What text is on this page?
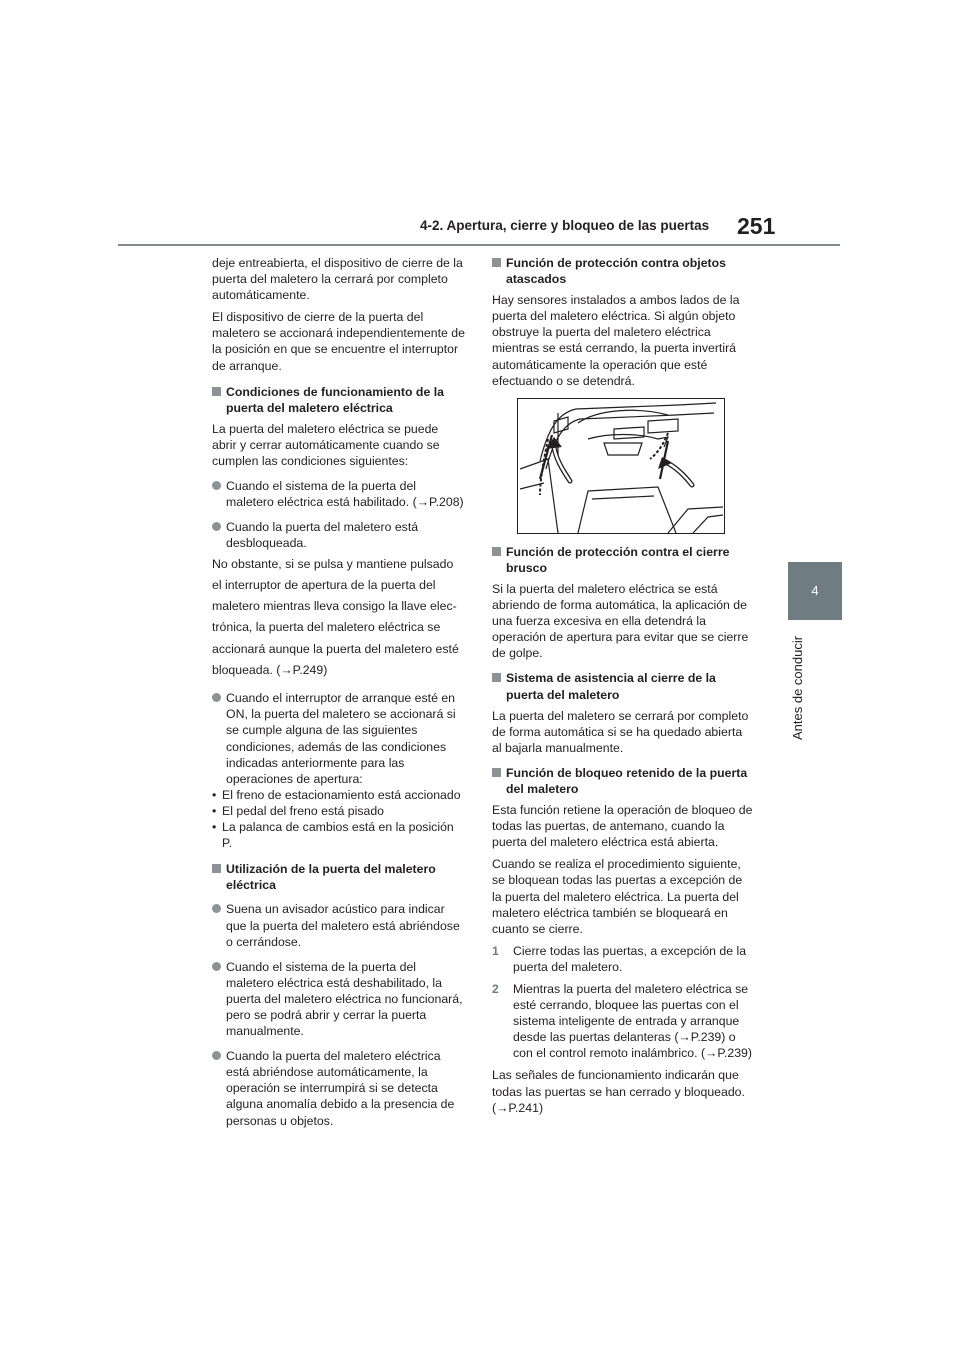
4-2. Apertura, cierre y bloqueo de las puertas 251
4
Antes de conducir

deje entreabierta, el dispositivo de cierre de la puerta del maletero la cerrará por completo automáticamente.

El dispositivo de cierre de la puerta del maletero se accionará independientemente de la posición en que se encuentre el interruptor de arranque.

Condiciones de funcionamiento de la puerta del maletero eléctrica

La puerta del maletero eléctrica se puede abrir y cerrar automáticamente cuando se cumplen las condiciones siguientes:

Cuando el sistema de la puerta del maletero eléctrica está habilitado. (→P.208)
Cuando la puerta del maletero está desbloqueada.

No obstante, si se pulsa y mantiene pulsado

el interruptor de apertura de la puerta del

maletero mientras lleva consigo la llave elec-

trónica, la puerta del maletero eléctrica se

accionará aunque la puerta del maletero esté

bloqueada. (→P.249)

Cuando el interruptor de arranque esté en ON, la puerta del maletero se accionará si se cumple alguna de las siguientes condiciones, además de las condiciones indicadas anteriormente para las operaciones de apertura:
• El freno de estacionamiento está accionado
• El pedal del freno está pisado
• La palanca de cambios está en la posición P.
Utilización de la puerta del maletero eléctrica
Suena un avisador acústico para indicar que la puerta del maletero está abriéndose o cerrándose.
Cuando el sistema de la puerta del maletero eléctrica está deshabilitado, la puerta del maletero eléctrica no funcionará, pero se podrá abrir y cerrar la puerta manualmente.
Cuando la puerta del maletero eléctrica está abriéndose automáticamente, la operación se interrumpirá si se detecta alguna anomalía debido a la presencia de personas u objetos.
Función de protección contra objetos atascados

Hay sensores instalados a ambos lados de la puerta del maletero eléctrica. Si algún objeto obstruye la puerta del maletero eléctrica mientras se está cerrando, la puerta invertirá automáticamente la operación que esté efectuando o se detendrá.

Función de protección contra el cierre brusco

Si la puerta del maletero eléctrica se está abriendo de forma automática, la aplicación de una fuerza excesiva en ella detendrá la operación de apertura para evitar que se cierre de golpe.

Sistema de asistencia al cierre de la puerta del maletero

La puerta del maletero se cerrará por completo de forma automática si se ha quedado abierta al bajarla manualmente.

Función de bloqueo retenido de la puerta del maletero

Esta función retiene la operación de bloqueo de todas las puertas, de antemano, cuando la puerta del maletero eléctrica está abierta.

Cuando se realiza el procedimiento siguiente, se bloquean todas las puertas a excepción de la puerta del maletero eléctrica. La puerta del maletero eléctrica también se bloqueará en cuanto se cierre.

1 Cierre todas las puertas, a excepción de la puerta del maletero.
2 Mientras la puerta del maletero eléctrica se esté cerrando, bloquee las puertas con el sistema inteligente de entrada y arranque desde las puertas delanteras (→P.239) o con el control remoto inalámbrico. (→P.239)

Las señales de funcionamiento indicarán que todas las puertas se han cerrado y bloqueado. (→P.241)
